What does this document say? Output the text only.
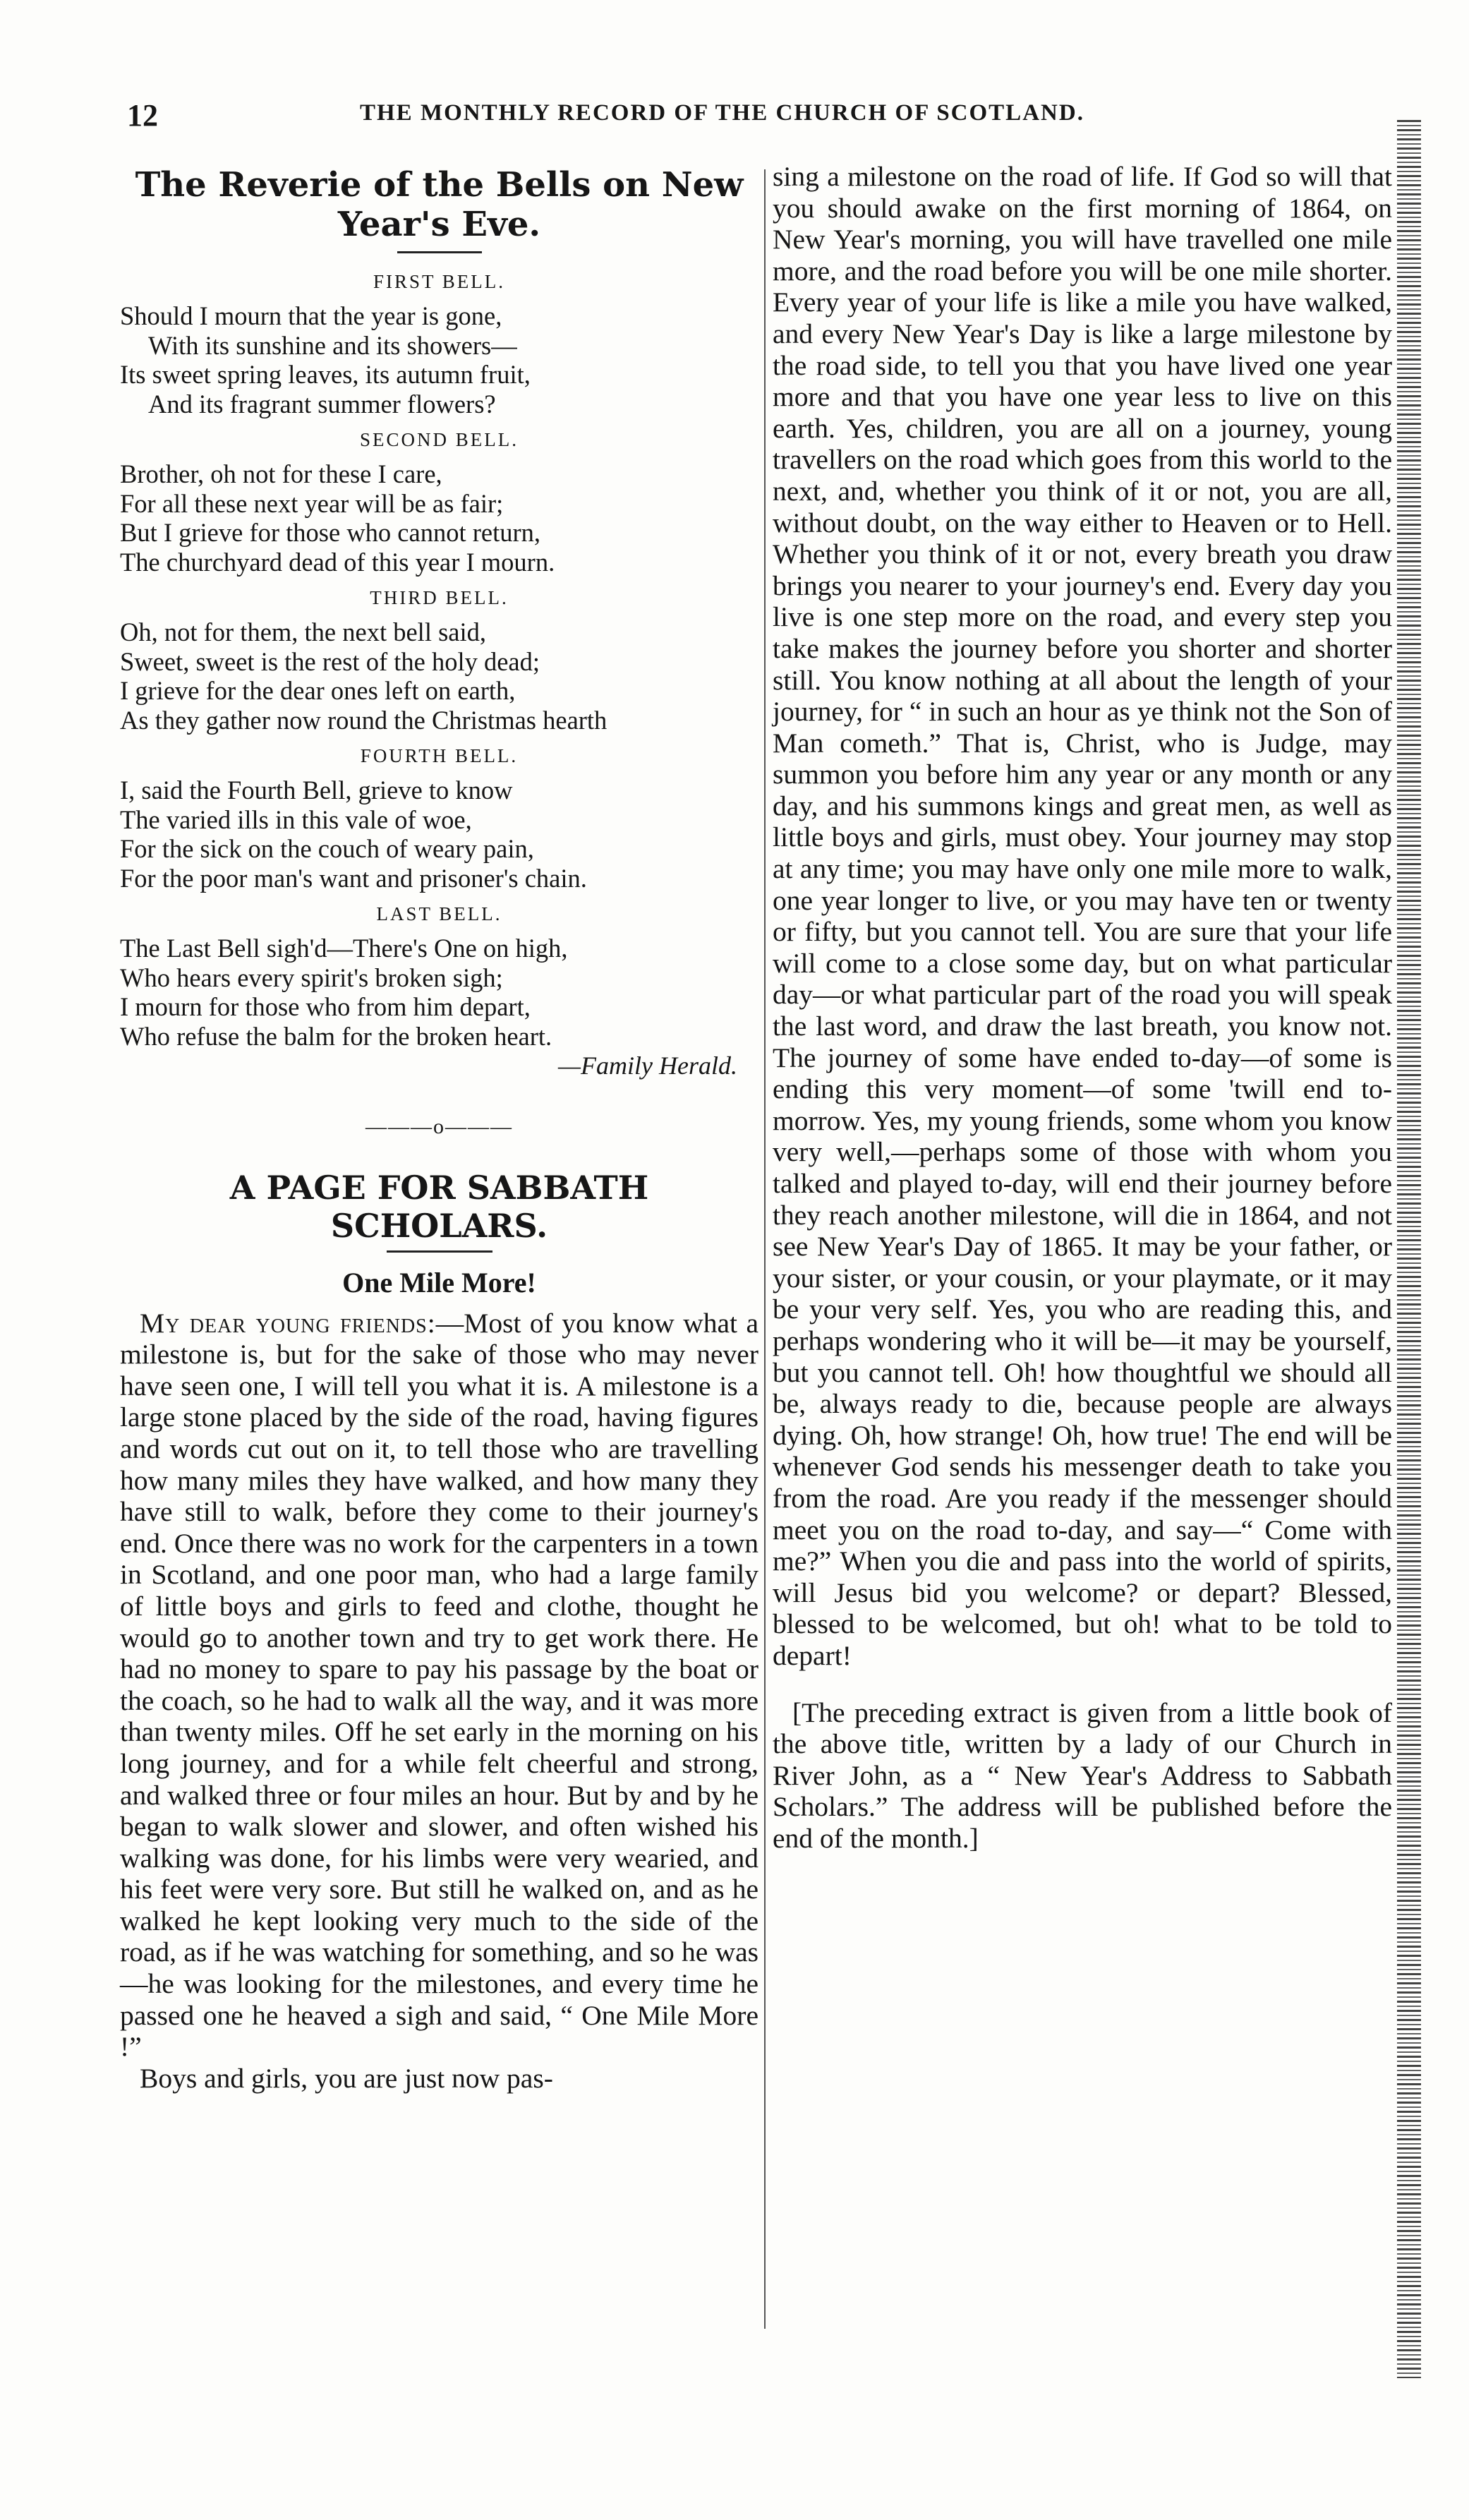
12	THE MONTHLY RECORD OF THE CHURCH OF SCOTLAND.
The Reverie of the Bells on New Year's Eve.
FIRST BELL.
Should I mourn that the year is gone,
With its sunshine and its showers—
Its sweet spring leaves, its autumn fruit,
And its fragrant summer flowers?
SECOND BELL.
Brother, oh not for these I care,
For all these next year will be as fair;
But I grieve for those who cannot return,
The churchyard dead of this year I mourn.
THIRD BELL.
Oh, not for them, the next bell said,
Sweet, sweet is the rest of the holy dead;
I grieve for the dear ones left on earth,
As they gather now round the Christmas hearth
FOURTH BELL.
I, said the Fourth Bell, grieve to know
The varied ills in this vale of woe,
For the sick on the couch of weary pain,
For the poor man's want and prisoner's chain.
LAST BELL.
The Last Bell sigh'd—There's One on high,
Who hears every spirit's broken sigh;
I mourn for those who from him depart,
Who refuse the balm for the broken heart.
—Family Herald.
———o———
A PAGE FOR SABBATH SCHOLARS.
One Mile More!

My dear young friends:—Most of you know what a milestone is, but for the sake of those who may never have seen one, I will tell you what it is. A milestone is a large stone placed by the side of the road, having figures and words cut out on it, to tell those who are travelling how many miles they have walked, and how many they have still to walk, before they come to their journey's end. Once there was no work for the carpenters in a town in Scotland, and one poor man, who had a large family of little boys and girls to feed and clothe, thought he would go to another town and try to get work there. He had no money to spare to pay his passage by the boat or the coach, so he had to walk all the way, and it was more than twenty miles. Off he set early in the morning on his long journey, and for a while felt cheerful and strong, and walked three or four miles an hour. But by and by he began to walk slower and slower, and often wished his walking was done, for his limbs were very wearied, and his feet were very sore. But still he walked on, and as he walked he kept looking very much to the side of the road, as if he was watching for something, and so he was—he was looking for the milestones, and every time he passed one he heaved a sigh and said, “ One Mile More !”

Boys and girls, you are just now pas-

sing a milestone on the road of life. If God so will that you should awake on the first morning of 1864, on New Year's morning, you will have travelled one mile more, and the road before you will be one mile shorter. Every year of your life is like a mile you have walked, and every New Year's Day is like a large milestone by the road side, to tell you that you have lived one year more and that you have one year less to live on this earth. Yes, children, you are all on a journey, young travellers on the road which goes from this world to the next, and, whether you think of it or not, you are all, without doubt, on the way either to Heaven or to Hell. Whether you think of it or not, every breath you draw brings you nearer to your journey's end. Every day you live is one step more on the road, and every step you take makes the journey before you shorter and shorter still. You know nothing at all about the length of your journey, for “ in such an hour as ye think not the Son of Man cometh.” That is, Christ, who is Judge, may summon you before him any year or any month or any day, and his summons kings and great men, as well as little boys and girls, must obey. Your journey may stop at any time; you may have only one mile more to walk, one year longer to live, or you may have ten or twenty or fifty, but you cannot tell. You are sure that your life will come to a close some day, but on what particular day—or what particular part of the road you will speak the last word, and draw the last breath, you know not. The journey of some have ended to-day—of some is ending this very moment—of some 'twill end to-morrow. Yes, my young friends, some whom you know very well,—perhaps some of those with whom you talked and played to-day, will end their journey before they reach another milestone, will die in 1864, and not see New Year's Day of 1865. It may be your father, or your sister, or your cousin, or your playmate, or it may be your very self. Yes, you who are reading this, and perhaps wondering who it will be—it may be yourself, but you cannot tell. Oh! how thoughtful we should all be, always ready to die, because people are always dying. Oh, how strange! Oh, how true! The end will be whenever God sends his messenger death to take you from the road. Are you ready if the messenger should meet you on the road to-day, and say—“ Come with me?” When you die and pass into the world of spirits, will Jesus bid you welcome? or depart? Blessed, blessed to be welcomed, but oh! what to be told to depart!

[The preceding extract is given from a little book of the above title, written by a lady of our Church in River John, as a “ New Year's Address to Sabbath Scholars.” The address will be published before the end of the month.]
